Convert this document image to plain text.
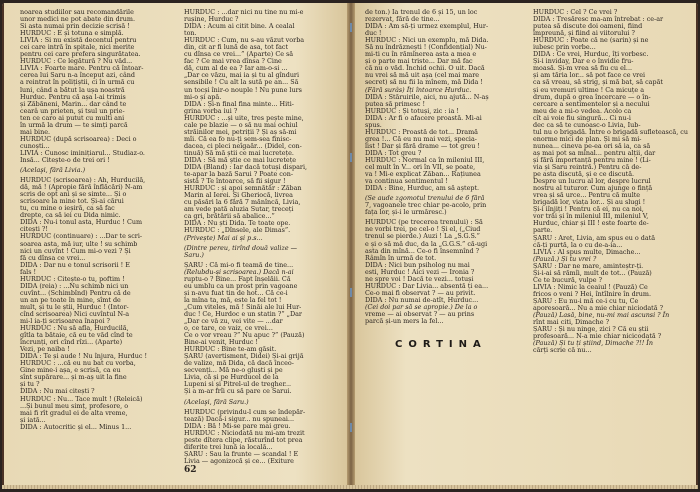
noarea studiilor sau recomandările
unor medici ne pot abate din drum.
Si asta numai prin decizie scrisă !
HURDUC : E și totuna e simplă.
LIVIA : Si nu există decentul pentru
cei care intră în spitale, nici merite
pentru cei care prefera singurătatea.
HURDUC : Ce legătură ? Nu văd...
LIVIA : Foarte mare. Pentru că întoar-
cerea lui Saru n-a început azi, când
a reintrat în polițiștii, ci în urmă cu
luni, când a bătut la ușa noastră
Hurduc. Pentru că așa l-ai trimis
și Zăbăneni, Marin... dar când te
cearâ un prieten, și tsul un prie-
ten ce caro ai putut cu multi ani
în urmă la drum — te simți parcă
mai bine.
HURDUC (după scrisoarea) : Deci o
cunoști...
LIVIA : Cunosc iminițiarul... Studiaz-o.
Insă... Citește-o de trei ori !

(Acelaşi, fără Livia.)

HURDUC (scrisoarea) : Ah, Hurducilă,
dă, mă ! (Apropie fără înflăcări) N-am
scris de opt ani și se simte... Și o
scrisoare la mine tot. Și-ai cărui
tu, cu mine o ieșiră, ca să fac
drepte, ca să iei cu Dida nimic.
DIDA : Nu-i tonul asta, Hurduc ! Cum
citești ?!
HURDUC (continuare) : ...Dar te scri-
soarea asta, mă iur, ulte ! su schimb
nici un cuvînt ! Cum mi-o vezi ? Și
fă cu dînsa ce vrei...
DIDA : Dar nu e tonul scrisorii ! E
fals !
HURDUC : Citește-o tu, poftim !
DIDA (reia) : ...Nu schimb nici un
cuvînt... (Schimbînd) Pentru că de
un an pe toate în mine, sîmt de
mult, și tu le știi, Hurduc ! (Intor-
cînd scrisoarea) Nici cuvîntul N-a
mi-l ia-ți scrisoarea înapoi ?
HURDUC : Nu să afla, Hurducilă,
gîtla ta bătaie, că eu te văd cînd te
încrunți, ori cînd rîzi... (Aparte)
Vezi, pe naiba !
DIDA : Te și aude ! Nu înjura, Hurduc !
HURDUC : ...că eu nu bat cu vorba,
Gine mine-i așa, e scrisă, ca eu
sînt supărare... și m-aș uit la fine
și tu ?
DIDA : Nu mai citești ?
HURDUC : Nu... Tace mult ! (Releică)
...Și bunul meu simț, profesore, o
mai fi rît gradul ei de alta vreme,
și iată...
DIDA : Autocritic și el... Minus 1...
HURDUC : ...dar nici nu tine nu mi-e
rușine, Hurduc ?
DIDA : Acum ai citit bine. A cealal
ton.
HURDUC : Cum, nu s-au văzut vorba
din, cit ar fi lună de asa, tot fact
cu dînsa ce vrei...” (Aparte) Ce să
fac ? Ce mai vrea dînsa ? Cine
dă, cum al de ea ? Iar am-o-si ...
„Dar ce văzu, mai ia și tu al gînduri
sensibile ! Cu alt la sută pe an... Să
un tocși înir-o nouple ! Nu pune lurs
mi-o și apă.
DIDA : Și-n final fina minte... Hiti-
grina vorba iui ?
HURDUC : ...și uite, tres pește mine,
cale pe blazie — o să nu mai ochiul
străinilor mei, petriții ? Și aș să-mi
mîi. Că ea fo nu-ți sem-sea finisc-
dacea, ci pleci neîgaăr... (Didel, con-
tinuă) Să mă știi ce mai lucretețe.
DIDA : Să mă știe ce mai lucretețe
DIDA (Bland) : Iar dacă totuși dispari,
te-apar la bază Sarui ? Poate con-
sistă ? Te întoarce, să fii sigur !
HURDUC : și apoi semnătăr : Zăban
Marin al Ierei. Și Gheriocă, livrea
cu păsări la 6 fără 7 mănîncă, Livia,
am vede pată aluzia Sutar, treceți
ca gri, brătării să abalice...”
DIDA : Nu ști Dida. Te toate ope.
HURDUC : „Dînsele, ale Dimas”.
(Privește) Mai ai și p.s...

(Dintre pereu, tirînd două valize —
Saru.)

ȘARU : Că mi-o fi teamă de tine...
(Relubdu-și scrisoarea.) Dacă n-ai
ruptu-o ? Bine... Fapt înșelăii. Că
eu umblu ca un prost prin vagoane
și n-avu fuat tin de hot... Că ce-i
la mîna ta, mă, este la fel tot !
„Cum viteles, mă ! Sinăi ale lui Hur-
duc ! Ce, Hurdoc e un statin ?” „Dar
„Dar ce vă zu, vei vite — ...dar
o, ce tare, ce vaiz, ce vrei...
Ce o vor vreau ?” Nu apuc ?” (Pauză)
Bine-ai venit, Hurduc !
HURDUC : Bine te-am găsit.
ȘARU (avertisment, Didei) Și-ai grijă
de valize, mă Dida, că dacă înceo-
secvenți... Mă ne-o gluști și pe
Livia, că și pe Hurducel de la
Lupeni si și Pitrel-ul de tregher...
Și a m-ar frîi cu să pare ce Sarui.

(Acelaşi, fără Saru.)

HURDUC (privindu-l cum se îndepăr-
tează) Dacă-i sigur... nu spuneai...
DIDA : Bă ! Mi-se pare mai greu.
HURDUC : Niciodată nu mi-am trezit
peste dîtera clipe, răsturînd tot prea
diferite trei lună ia locală...
ȘARU : Sau la frunte — scandal ! E
Livia — agonizocă și ce... (Exiture
62
de ton.) Ia trenul de 6 și 15, un loc
rezervat, fără de tine...
DIDA : Am să-ți urmez exemplul, Hur-
duc !
HURDUC : Nici un exemplu, mă Dida.
Să nu îndrăznești ! (Confidențial) Nu-
mi-ti cu în rămînerea asta a mea e
și o parte mai triste... Dar mă fac
că nu o văd. Închid ochii. O uit. Dacă
nu vrei să mă uit așa (cel mai mare
secret) să nu fii la mînem, mă Dida !
(Fără surâs) Îți întoarce Hurduc.
DIDA : Stăruirile, aici, nu ajută... N-aș
putea să primesc !
HURDUC : Și totuși, zic : ia !
DIDA : Ar fi o afacere proastă. Mi-ai
spus.
HURDUC : Proastă de tot... Dramă
grea !... Că eu nu mai vezi, specia-
list ! Dar și fără drame — tot greu !
DIDA : Tot greu ?
HURDUC : Normal ca în mileniul III,
cel mult în V... ori în VII, se poate,
va ! Mi-e explicat Zăban... Rațiunea
va continua sentimentul !
DIDA : Bine, Hurduc, am să aștept.

(Se aude zgomotul trenului de 6 fără
7, vagoanele trec chiar pe-acolo, prin
fața lor, și-i le urmăresc.)

HURDUC (pe trecerea trenului) : Să
ne vorbi trei, pe cel-o ! Și el, („Ciud
trenul se pierde.) Auzi ! La „S.G.S.”
e și o să mă duc, da la „G.G.S.” că-ugi
asta din mînă... Ce-o fi însemnînd ?
Râmîn în urmă de tot.
DIDA : Nici bun psiholog nu mai
esti, Hurduc ! Aici vezi — Ironia ?
ne spre voi ! Dacă te vezi... totuși
HURDUC : Dar Livia... absentă ți ea...
Ce-o mai fi observat ? — au privit.
DIDA : Nu numai de-atît, Hurduc...
(Cei doi par să se apropie.) De la o
vreme — ai observat ? — au prins
parcă și-un mers la fel...
CORTINA
HURDUC : Cel ? Ce vrei ?
DIDA : Tresăresc ma-am întrebat : ce-ar
putea să discute doi oameni, fiind
împreună, și fiind ai viitorului ?
HURDUC : Poate că ne (sarin) și ne
iubesc prin vorbe...
DIDA : Ce vrei, Hurduc, îți vorbesc.
Și-i inviday, Dar e o învidie fru-
moasă. Și-m vrea să fiu cu el...
și am tăria lor... să pot face ce vrei
ca să vreau, să strig, și mă bat, să capăt
și eu vremuri ultime ! Ca micuțe a
drum, după o grea încercare — o în-
cercare a sentimentelor și a necului
meu de a mi-o vedea. Acolo ca
cît ai voie fiu singură... Ci nu-i
dec ca să te cunoasc-o Livia, Iub-
tul nu o brigadă. Între o brigadă sufletească, cu
enorme mici de plan. Și mi să mi-
nunea... cineva pe-ea ori să ia, ca să
aș mai pot sa mînal... pentru alții, dar
și fără importanță pentru mine ! (Li-
via și Saru reintră.) Pentru că de-
pe asta discută, și e ce discută.
Despre un lucru al lor, despre lucrul
nostru al tuturor. Cum ajunge o fință
vrea și să urce... Pentru că multe
brigadă lor, viața lor... Și au slugi !
Și-i iînjiți ! Pentru că ei, nu ca noi,
vor trăi și în mileniul III, mileniul V,
Hurduc, chiar și III ! este foarte de-
parte.
ȘARU : Aret, Livia, am spus eu o dată
că-ți purtă, la o cu de-a-ia...
LIVIA : Al spus multe, Dimache...
(Pauză.) Și tu vrei ?
ȘARU : Dar ne mare, aminteștr-ți.
Și-i-ai să rămîi, mult de tot... (Pauză)
Ce te bucură, vulpe ?
LIVIA : Nimic la ceaiul ! (Pauză) Ce
fricos o veni ? Hei, întîlnire în drum.
ȘARU : Eu nu-i mă ce-i cu tu, Ce
aporesoară... Nu a mie chiar niciodată ?
(Pauză) Lasă, bine, nu-mi mai ascunsi ? În
rînt mai citi, Dimache ?
ȘARU : Și nu ninge, zici ? Că eu știi
profesoară... N-a mie chiar nicicodată ?
(Pauză) Și tu ți știind, Dimache ?!! În
cărți scrie că nu...
